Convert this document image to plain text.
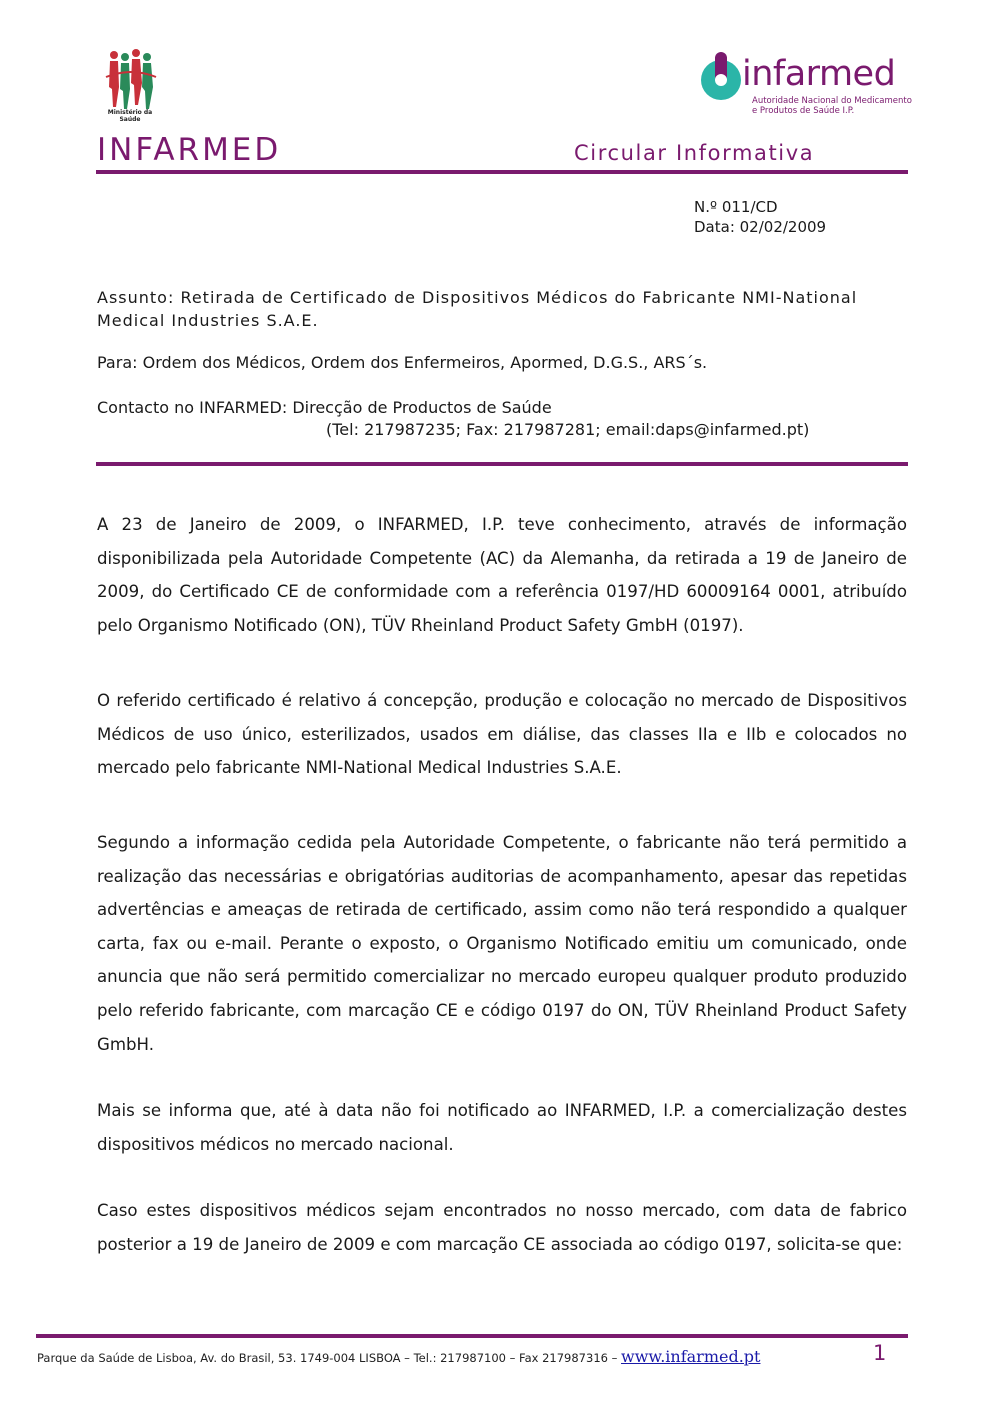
Ministério da Saúde
infarmed
Autoridade Nacional do Medicamento
e Produtos de Saúde I.P.
INFARMED	Circular Informativa
N.º 011/CD
Data: 02/02/2009
Assunto: Retirada de Certificado de Dispositivos Médicos do Fabricante NMI-National Medical Industries S.A.E.
Para: Ordem dos Médicos, Ordem dos Enfermeiros, Apormed, D.G.S., ARS´s.
Contacto no INFARMED: Direcção de Productos de Saúde
(Tel: 217987235; Fax: 217987281; email:daps@infarmed.pt)
A 23 de Janeiro de 2009, o INFARMED, I.P. teve conhecimento, através de informação disponibilizada pela Autoridade Competente (AC) da Alemanha, da retirada a 19 de Janeiro de 2009, do Certificado CE de conformidade com a referência 0197/HD 60009164 0001, atribuído pelo Organismo Notificado (ON), TÜV Rheinland Product Safety GmbH (0197).
O referido certificado é relativo á concepção, produção e colocação no mercado de Dispositivos Médicos de uso único, esterilizados, usados em diálise, das classes IIa e IIb e colocados no mercado pelo fabricante NMI-National Medical Industries S.A.E.
Segundo a informação cedida pela Autoridade Competente, o fabricante não terá permitido a realização das necessárias e obrigatórias auditorias de acompanhamento, apesar das repetidas advertências e ameaças de retirada de certificado, assim como não terá respondido a qualquer carta, fax ou e-mail. Perante o exposto, o Organismo Notificado emitiu um comunicado, onde anuncia que não será permitido comercializar no mercado europeu qualquer produto produzido pelo referido fabricante, com marcação CE e código 0197 do ON, TÜV Rheinland Product Safety GmbH.
Mais se informa que, até à data não foi notificado ao INFARMED, I.P. a comercialização destes dispositivos médicos no mercado nacional.
Caso estes dispositivos médicos sejam encontrados no nosso mercado, com data de fabrico posterior a 19 de Janeiro de 2009 e com marcação CE associada ao código 0197, solicita-se que:
Parque da Saúde de Lisboa, Av. do Brasil, 53. 1749-004 LISBOA – Tel.: 217987100 – Fax 217987316 – www.infarmed.pt	1
